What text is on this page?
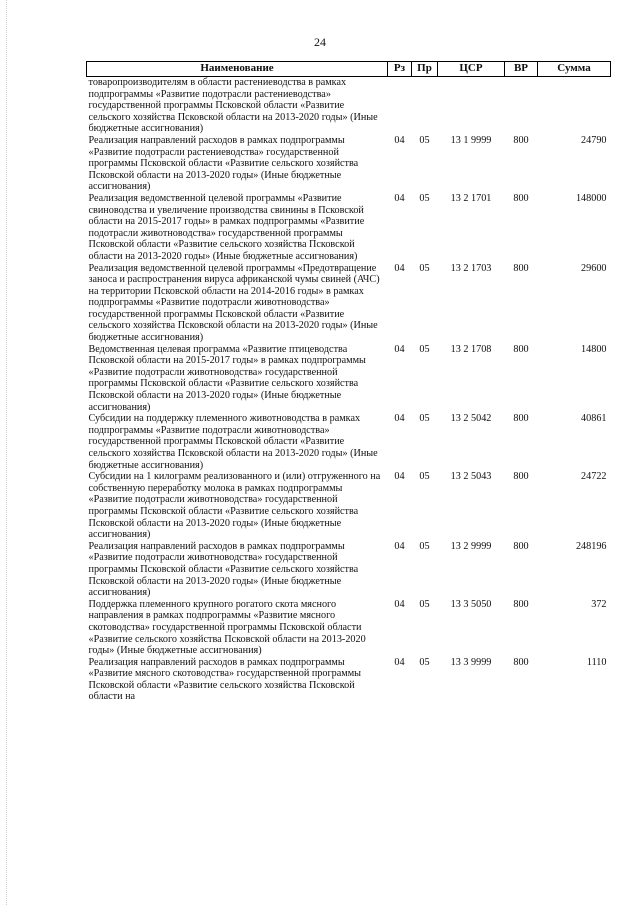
24
Наименование	Рз	Пр	ЦСР	ВР	Сумма
товаропроизводителям в области растениеводства в рамках подпрограммы «Развитие подотрасли растениеводства» государственной программы Псковской области «Развитие сельского хозяйства Псковской области на 2013-2020 годы» (Иные бюджетные ассигнования)					
Реализация направлений расходов в рамках подпрограммы «Развитие подотрасли растениеводства» государственной программы Псковской области «Развитие сельского хозяйства Псковской области на 2013-2020 годы» (Иные бюджетные ассигнования)	04	05	13 1 9999	800	24790
Реализация ведомственной целевой программы «Развитие свиноводства и увеличение производства свинины в Псковской области на 2015-2017 годы» в рамках подпрограммы «Развитие подотрасли животноводства» государственной программы Псковской области «Развитие сельского хозяйства Псковской области на 2013-2020 годы» (Иные бюджетные ассигнования)	04	05	13 2 1701	800	148000
Реализация ведомственной целевой программы «Предотвращение заноса и распространения вируса африканской чумы свиней (АЧС) на территории Псковской области на 2014-2016 годы» в рамках подпрограммы «Развитие подотрасли животноводства» государственной программы Псковской области «Развитие сельского хозяйства Псковской области на 2013-2020 годы» (Иные бюджетные ассигнования)	04	05	13 2 1703	800	29600
Ведомственная целевая программа «Развитие птицеводства Псковской области на 2015-2017 годы» в рамках подпрограммы «Развитие подотрасли животноводства» государственной программы Псковской области «Развитие сельского хозяйства Псковской области на 2013-2020 годы» (Иные бюджетные ассигнования)	04	05	13 2 1708	800	14800
Субсидии на поддержку племенного животноводства в рамках подпрограммы «Развитие подотрасли животноводства» государственной программы Псковской области «Развитие сельского хозяйства Псковской области на 2013-2020 годы» (Иные бюджетные ассигнования)	04	05	13 2 5042	800	40861
Субсидии на 1 килограмм реализованного и (или) отгруженного на собственную переработку молока в рамках подпрограммы «Развитие подотрасли животноводства» государственной программы Псковской области «Развитие сельского хозяйства Псковской области на 2013-2020 годы» (Иные бюджетные ассигнования)	04	05	13 2 5043	800	24722
Реализация направлений расходов в рамках подпрограммы «Развитие подотрасли животноводства» государственной программы Псковской области «Развитие сельского хозяйства Псковской области на 2013-2020 годы» (Иные бюджетные ассигнования)	04	05	13 2 9999	800	248196
Поддержка племенного крупного рогатого скота мясного направления в рамках подпрограммы «Развитие мясного скотоводства» государственной программы Псковской области «Развитие сельского хозяйства Псковской области на 2013-2020 годы» (Иные бюджетные ассигнования)	04	05	13 3 5050	800	372
Реализация направлений расходов в рамках подпрограммы «Развитие мясного скотоводства» государственной программы Псковской области «Развитие сельского хозяйства Псковской области на	04	05	13 3 9999	800	1110
